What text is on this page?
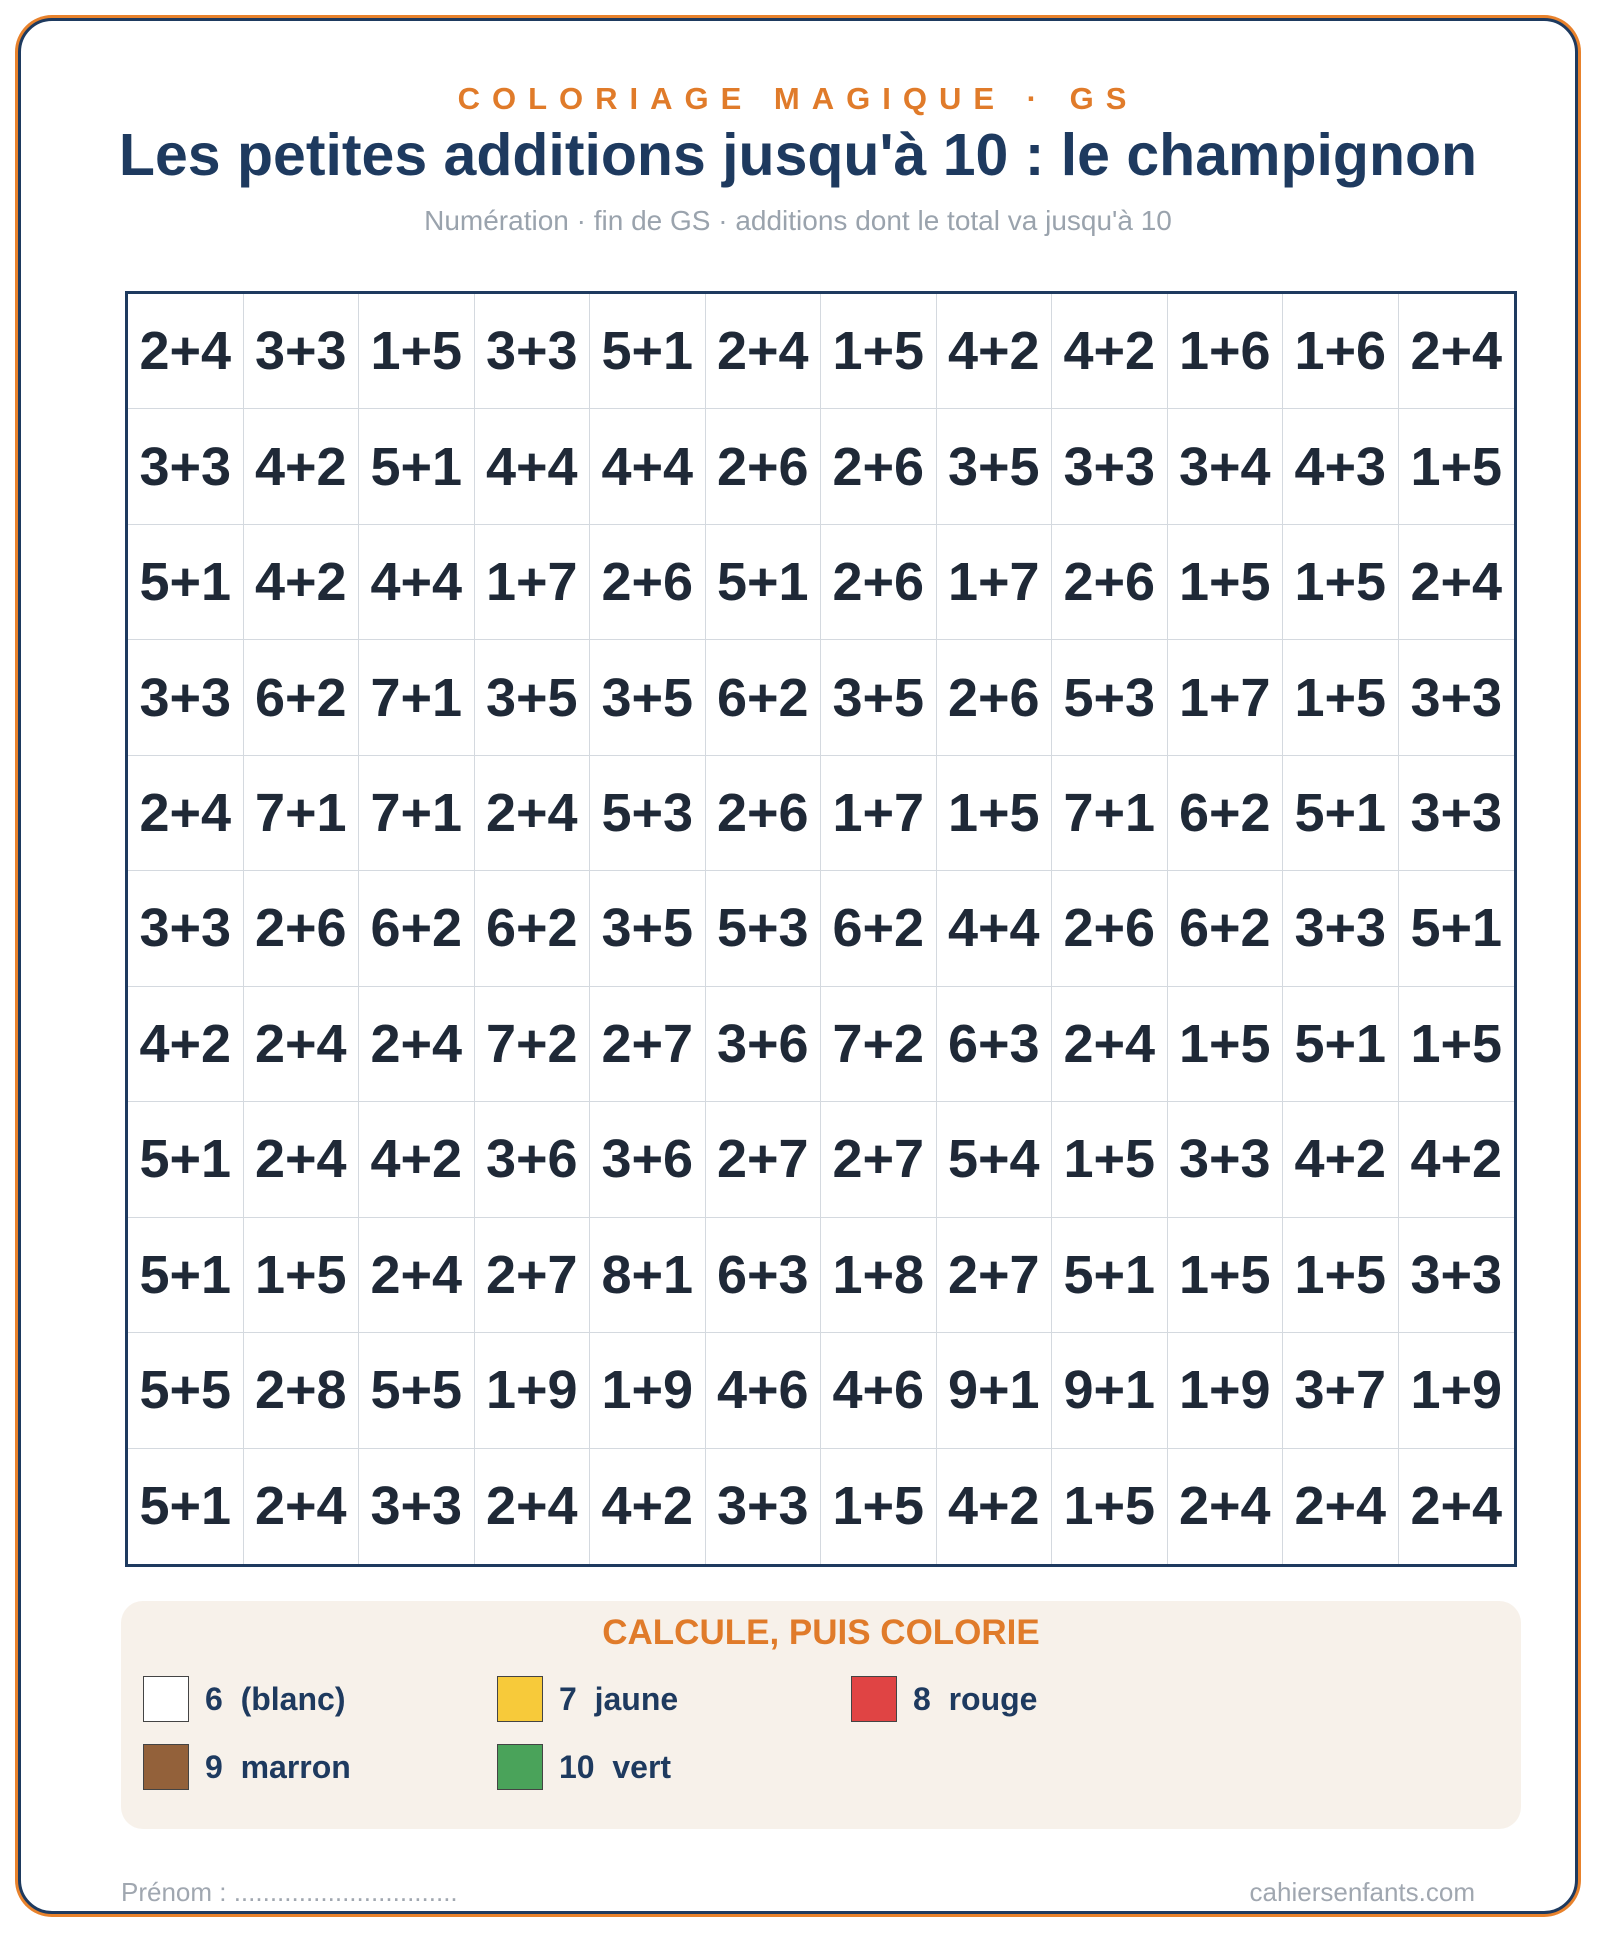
COLORIAGE MAGIQUE · GS
Les petites additions jusqu'à 10 : le champignon
Numération · fin de GS · additions dont le total va jusqu'à 10
2+4 3+3 1+5 3+3 5+1 2+4 1+5 4+2 4+2 1+6 1+6 2+4
3+3 4+2 5+1 4+4 4+4 2+6 2+6 3+5 3+3 3+4 4+3 1+5
5+1 4+2 4+4 1+7 2+6 5+1 2+6 1+7 2+6 1+5 1+5 2+4
3+3 6+2 7+1 3+5 3+5 6+2 3+5 2+6 5+3 1+7 1+5 3+3
2+4 7+1 7+1 2+4 5+3 2+6 1+7 1+5 7+1 6+2 5+1 3+3
3+3 2+6 6+2 6+2 3+5 5+3 6+2 4+4 2+6 6+2 3+3 5+1
4+2 2+4 2+4 7+2 2+7 3+6 7+2 6+3 2+4 1+5 5+1 1+5
5+1 2+4 4+2 3+6 3+6 2+7 2+7 5+4 1+5 3+3 4+2 4+2
5+1 1+5 2+4 2+7 8+1 6+3 1+8 2+7 5+1 1+5 1+5 3+3
5+5 2+8 5+5 1+9 1+9 4+6 4+6 9+1 9+1 1+9 3+7 1+9
5+1 2+4 3+3 2+4 4+2 3+3 1+5 4+2 1+5 2+4 2+4 2+4
CALCULE, PUIS COLORIE
6  (blanc)	7  jaune	8  rouge
9  marron	10  vert
Prénom : ...............................	cahiersenfants.com
